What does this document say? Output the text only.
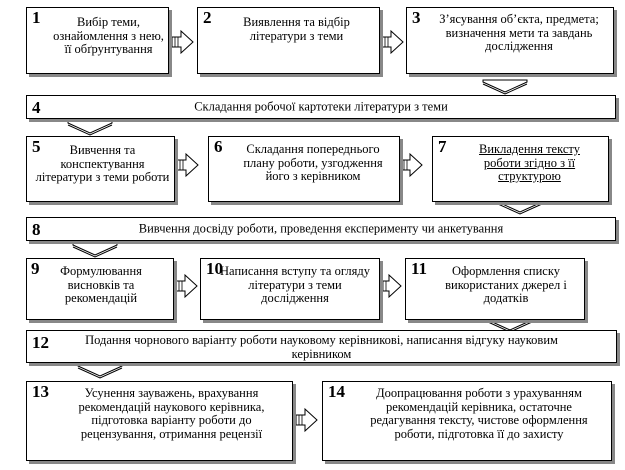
1	Вибір теми, ознайомлення з нею, її обґрунтування
2	Виявлення та відбір літератури з теми
3	З’ясування об’єкта, предмета; визначення мети та завдань дослідження
4	Складання робочої картотеки літератури з теми
5	Вивчення та конспектування літератури з теми роботи
6	Складання попереднього плану роботи, узгодження його з керівником
7	Викладення тексту роботи згідно з її структурою
8	Вивчення досвіду роботи, проведення експерименту чи анкетування
9	Формулювання висновків та рекомендацій
10
Написання вступу та огляду літератури з теми дослідження
11	Оформлення списку використаних джерел і додатків
12	Подання чорнового варіанту роботи науковому керівникові, написання відгуку науковим керівником
13	Усунення зауважень, врахування рекомендацій наукового керівника, підготовка варіанту роботи до рецензування, отримання рецензії
14	Доопрацювання роботи з урахуванням рекомендацій керівника, остаточне редагування тексту, чистове оформлення роботи, підготовка її до захисту
